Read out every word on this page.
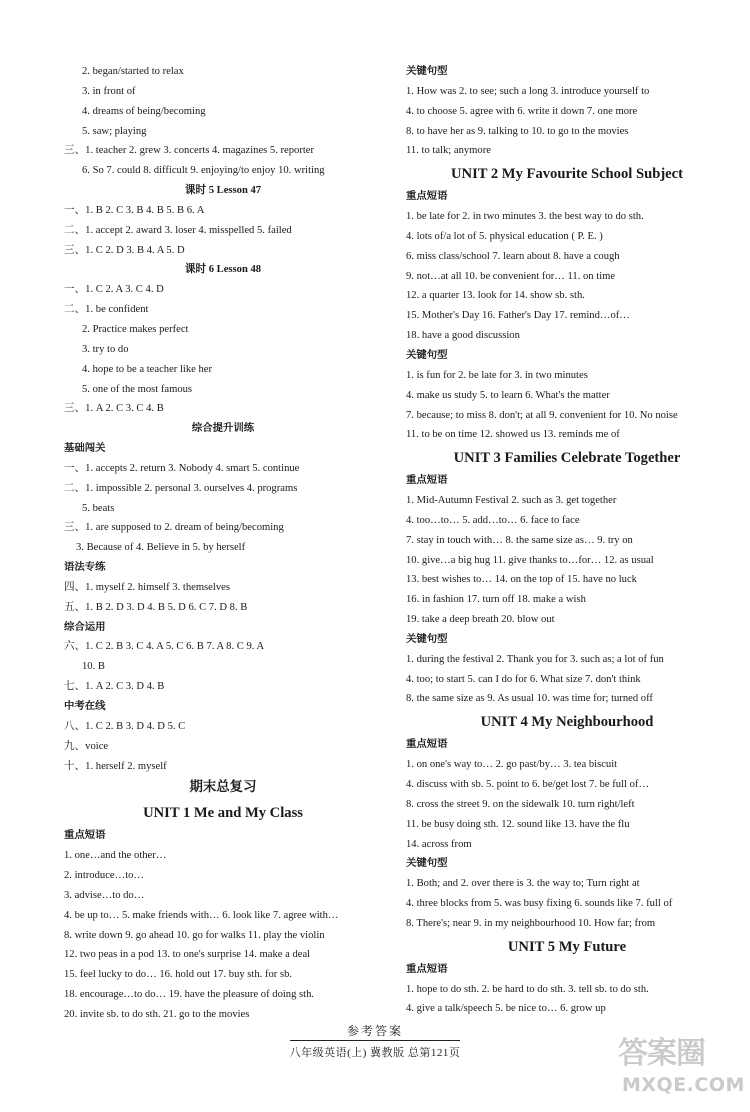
2. began/started to relax
3. in front of
4. dreams of being/becoming
5. saw; playing
三、1. teacher 2. grew 3. concerts 4. magazines 5. reporter
6. So 7. could 8. difficult 9. enjoying/to enjoy 10. writing
课时 5 Lesson 47
一、1. B 2. C 3. B 4. B 5. B 6. A
二、1. accept 2. award 3. loser 4. misspelled 5. failed
三、1. C 2. D 3. B 4. A 5. D
课时 6 Lesson 48
一、1. C 2. A 3. C 4. D
二、1. be confident
2. Practice makes perfect
3. try to do
4. hope to be a teacher like her
5. one of the most famous
三、1. A 2. C 3. C 4. B
综合提升训练
基础闯关
一、1. accepts 2. return 3. Nobody 4. smart 5. continue
二、1. impossible 2. personal 3. ourselves 4. programs
5. beats
三、1. are supposed to 2. dream of being/becoming
3. Because of 4. Believe in 5. by herself
语法专练
四、1. myself 2. himself 3. themselves
五、1. B 2. D 3. D 4. B 5. D 6. C 7. D 8. B
综合运用
六、1. C 2. B 3. C 4. A 5. C 6. B 7. A 8. C 9. A
10. B
七、1. A 2. C 3. D 4. B
中考在线
八、1. C 2. B 3. D 4. D 5. C
九、voice
十、1. herself 2. myself
期末总复习
UNIT 1 Me and My Class
重点短语
1. one…and the other…
2. introduce…to…
3. advise…to do…
4. be up to… 5. make friends with… 6. look like 7. agree with…
8. write down 9. go ahead 10. go for walks 11. play the violin
12. two peas in a pod 13. to one's surprise 14. make a deal
15. feel lucky to do… 16. hold out 17. buy sth. for sb.
18. encourage…to do… 19. have the pleasure of doing sth.
20. invite sb. to do sth. 21. go to the movies
关键句型
1. How was 2. to see; such a long 3. introduce yourself to
4. to choose 5. agree with 6. write it down 7. one more
8. to have her as 9. talking to 10. to go to the movies
11. to talk; anymore
UNIT 2 My Favourite School Subject
重点短语
1. be late for 2. in two minutes 3. the best way to do sth.
4. lots of/a lot of 5. physical education ( P. E. )
6. miss class/school 7. learn about 8. have a cough
9. not…at all 10. be convenient for… 11. on time
12. a quarter 13. look for 14. show sb. sth.
15. Mother's Day 16. Father's Day 17. remind…of…
18. have a good discussion
关键句型
1. is fun for 2. be late for 3. in two minutes
4. make us study 5. to learn 6. What's the matter
7. because; to miss 8. don't; at all 9. convenient for 10. No noise
11. to be on time 12. showed us 13. reminds me of
UNIT 3 Families Celebrate Together
重点短语
1. Mid-Autumn Festival 2. such as 3. get together
4. too…to… 5. add…to… 6. face to face
7. stay in touch with… 8. the same size as… 9. try on
10. give…a big hug 11. give thanks to…for… 12. as usual
13. best wishes to… 14. on the top of 15. have no luck
16. in fashion 17. turn off 18. make a wish
19. take a deep breath 20. blow out
关键句型
1. during the festival 2. Thank you for 3. such as; a lot of fun
4. too; to start 5. can I do for 6. What size 7. don't think
8. the same size as 9. As usual 10. was time for; turned off
UNIT 4 My Neighbourhood
重点短语
1. on one's way to… 2. go past/by… 3. tea biscuit
4. discuss with sb. 5. point to 6. be/get lost 7. be full of…
8. cross the street 9. on the sidewalk 10. turn right/left
11. be busy doing sth. 12. sound like 13. have the flu
14. across from
关键句型
1. Both; and 2. over there is 3. the way to; Turn right at
4. three blocks from 5. was busy fixing 6. sounds like 7. full of
8. There's; near 9. in my neighbourhood 10. How far; from
UNIT 5 My Future
重点短语
1. hope to do sth. 2. be hard to do sth. 3. tell sb. to do sth.
4. give a talk/speech 5. be nice to… 6. grow up
参考答案
八年级英语(上) 冀教版 总第121页	答案圈
MXQE.COM
